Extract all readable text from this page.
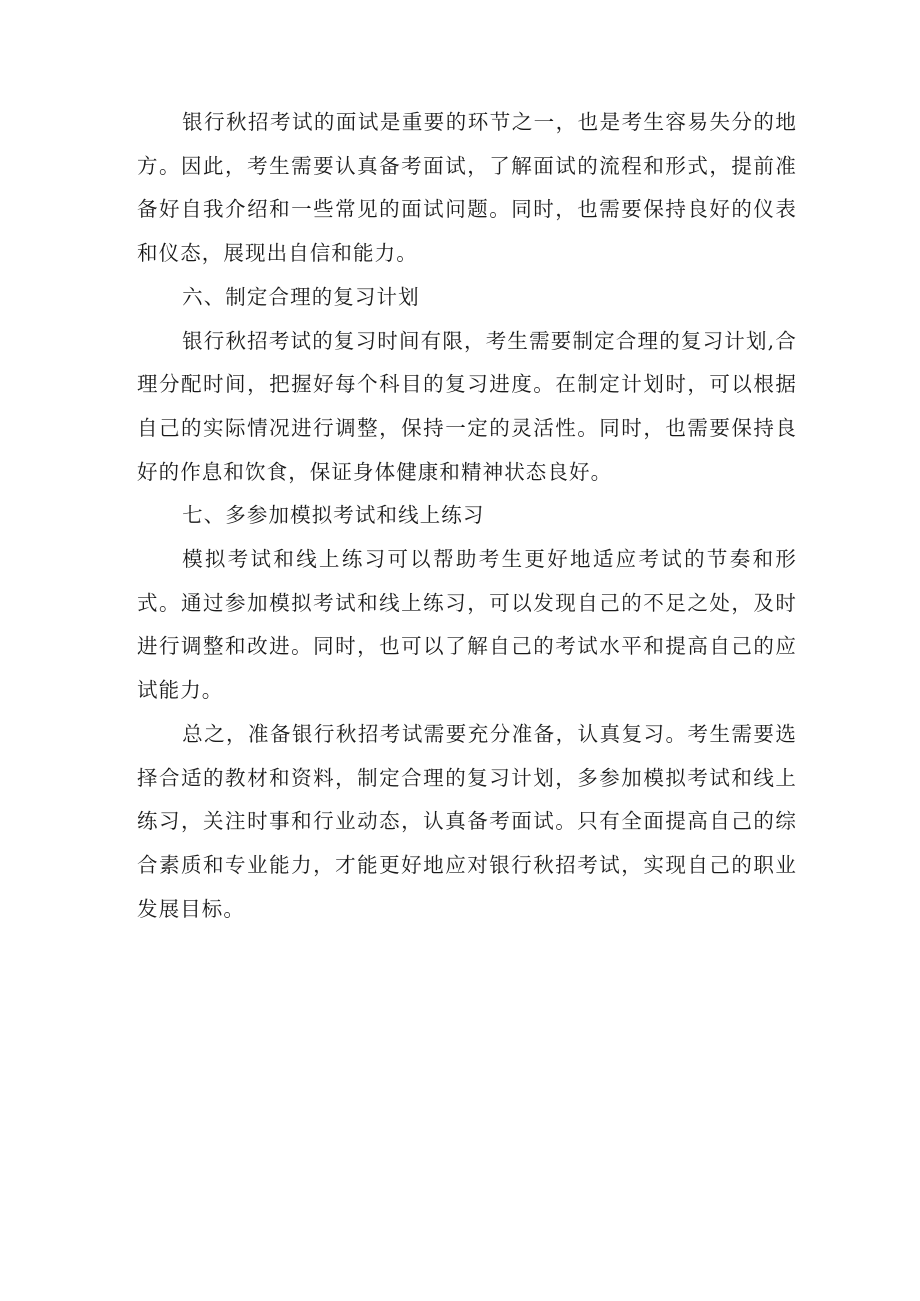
银行秋招考试的面试是重要的环节之一，也是考生容易失分的地方。因此，考生需要认真备考面试，了解面试的流程和形式，提前准备好自我介绍和一些常见的面试问题。同时，也需要保持良好的仪表和仪态，展现出自信和能力。

六、制定合理的复习计划

银行秋招考试的复习时间有限，考生需要制定合理的复习计划,合理分配时间，把握好每个科目的复习进度。在制定计划时，可以根据自己的实际情况进行调整，保持一定的灵活性。同时，也需要保持良好的作息和饮食，保证身体健康和精神状态良好。

七、多参加模拟考试和线上练习

模拟考试和线上练习可以帮助考生更好地适应考试的节奏和形式。通过参加模拟考试和线上练习，可以发现自己的不足之处，及时进行调整和改进。同时，也可以了解自己的考试水平和提高自己的应试能力。

总之，准备银行秋招考试需要充分准备，认真复习。考生需要选择合适的教材和资料，制定合理的复习计划，多参加模拟考试和线上练习，关注时事和行业动态，认真备考面试。只有全面提高自己的综合素质和专业能力，才能更好地应对银行秋招考试，实现自己的职业发展目标。
